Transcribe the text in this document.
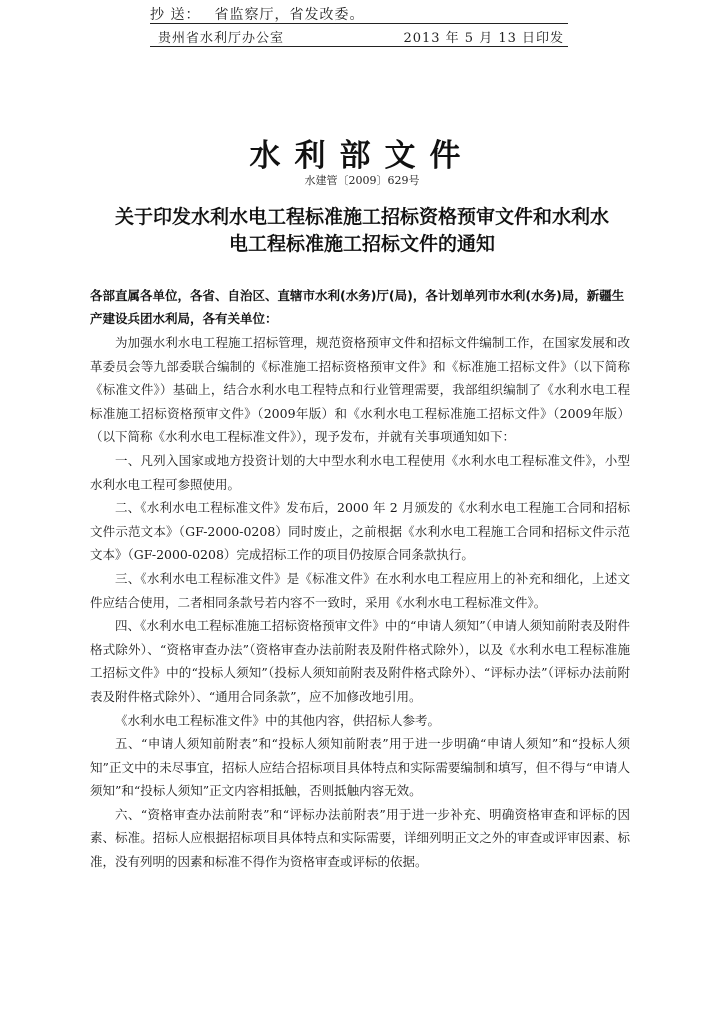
抄 送： 省监察厅，省发改委。
贵州省水利厅办公室	2013 年 5 月 13 日印发
水利部文件
水建管〔2009〕629号
关于印发水利水电工程标准施工招标资格预审文件和水利水
电工程标准施工招标文件的通知
各部直属各单位，各省、自治区、直辖市水利(水务)厅(局)，各计划单列市水利(水务)局，新疆生产建设兵团水利局，各有关单位：

为加强水利水电工程施工招标管理，规范资格预审文件和招标文件编制工作，在国家发展和改革委员会等九部委联合编制的《标准施工招标资格预审文件》和《标准施工招标文件》（以下简称《标准文件》）基础上，结合水利水电工程特点和行业管理需要，我部组织编制了《水利水电工程标准施工招标资格预审文件》（2009年版）和《水利水电工程标准施工招标文件》（2009年版）（以下简称《水利水电工程标准文件》），现予发布，并就有关事项通知如下：

一、凡列入国家或地方投资计划的大中型水利水电工程使用《水利水电工程标准文件》，小型水利水电工程可参照使用。

二、《水利水电工程标准文件》发布后，2000 年 2 月颁发的《水利水电工程施工合同和招标文件示范文本》（GF-2000-0208）同时废止，之前根据《水利水电工程施工合同和招标文件示范文本》（GF-2000-0208）完成招标工作的项目仍按原合同条款执行。

三、《水利水电工程标准文件》是《标准文件》在水利水电工程应用上的补充和细化，上述文件应结合使用，二者相同条款号若内容不一致时，采用《水利水电工程标准文件》。

四、《水利水电工程标准施工招标资格预审文件》中的“申请人须知”（申请人须知前附表及附件格式除外）、“资格审查办法”（资格审查办法前附表及附件格式除外），以及《水利水电工程标准施工招标文件》中的“投标人须知”（投标人须知前附表及附件格式除外）、“评标办法”（评标办法前附表及附件格式除外）、“通用合同条款”，应不加修改地引用。

《水利水电工程标准文件》中的其他内容，供招标人参考。

五、“申请人须知前附表”和“投标人须知前附表”用于进一步明确“申请人须知”和“投标人须知”正文中的未尽事宜，招标人应结合招标项目具体特点和实际需要编制和填写，但不得与“申请人须知”和“投标人须知”正文内容相抵触，否则抵触内容无效。

六、“资格审查办法前附表”和“评标办法前附表”用于进一步补充、明确资格审查和评标的因素、标准。招标人应根据招标项目具体特点和实际需要，详细列明正文之外的审查或评审因素、标准，没有列明的因素和标准不得作为资格审查或评标的依据。
